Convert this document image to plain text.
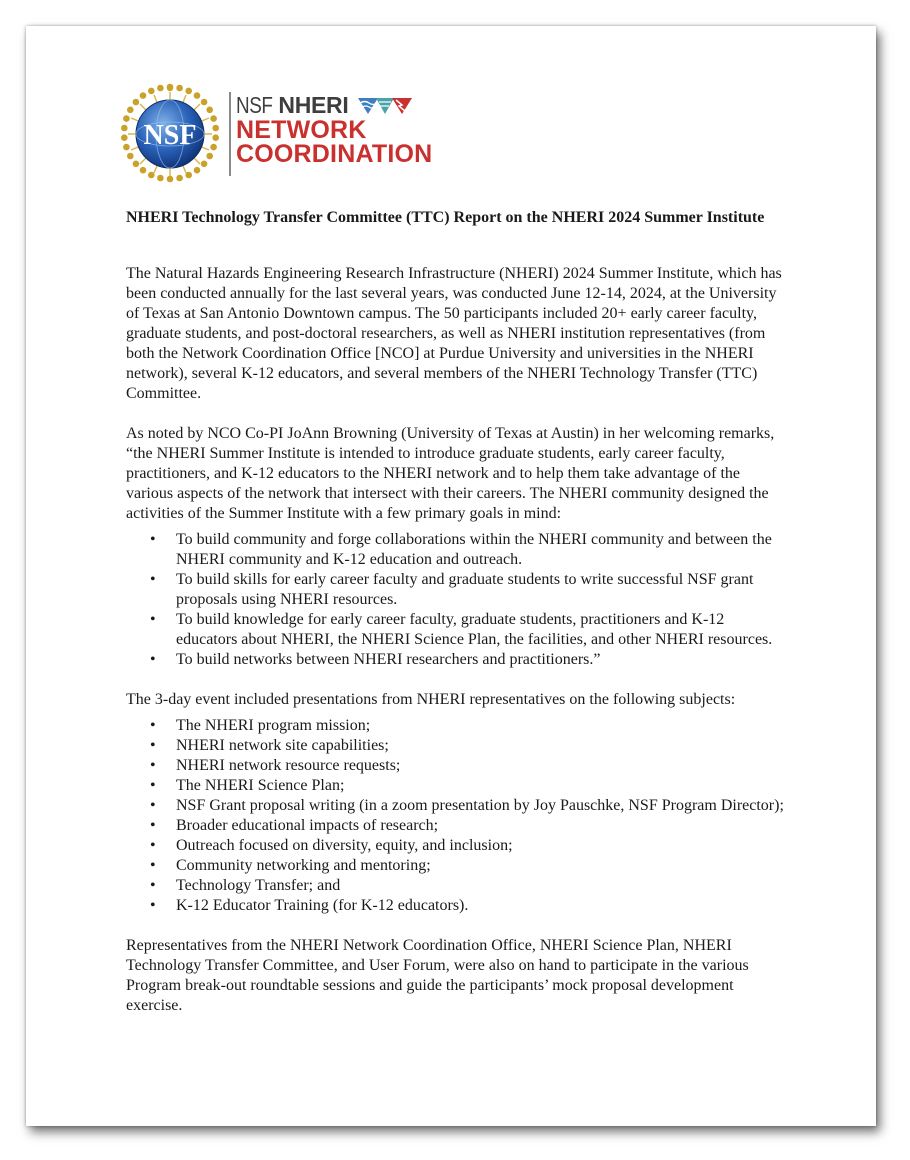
NSF
NSF NHERI
NETWORK
COORDINATION

NHERI Technology Transfer Committee (TTC) Report on the NHERI 2024 Summer Institute

The Natural Hazards Engineering Research Infrastructure (NHERI) 2024 Summer Institute, which has been conducted annually for the last several years, was conducted June 12-14, 2024, at the University of Texas at San Antonio Downtown campus. The 50 participants included 20+ early career faculty, graduate students, and post-doctoral researchers, as well as NHERI institution representatives (from both the Network Coordination Office [NCO] at Purdue University and universities in the NHERI network), several K-12 educators, and several members of the NHERI Technology Transfer (TTC) Committee.

As noted by NCO Co-PI JoAnn Browning (University of Texas at Austin) in her welcoming remarks, “the NHERI Summer Institute is intended to introduce graduate students, early career faculty, practitioners, and K-12 educators to the NHERI network and to help them take advantage of the various aspects of the network that intersect with their careers. The NHERI community designed the activities of the Summer Institute with a few primary goals in mind:

• To build community and forge collaborations within the NHERI community and between the NHERI community and K-12 education and outreach.
• To build skills for early career faculty and graduate students to write successful NSF grant proposals using NHERI resources.
• To build knowledge for early career faculty, graduate students, practitioners and K-12 educators about NHERI, the NHERI Science Plan, the facilities, and other NHERI resources.
• To build networks between NHERI researchers and practitioners.”

The 3-day event included presentations from NHERI representatives on the following subjects:

• The NHERI program mission;
• NHERI network site capabilities;
• NHERI network resource requests;
• The NHERI Science Plan;
• NSF Grant proposal writing (in a zoom presentation by Joy Pauschke, NSF Program Director);
• Broader educational impacts of research;
• Outreach focused on diversity, equity, and inclusion;
• Community networking and mentoring;
• Technology Transfer; and
• K-12 Educator Training (for K-12 educators).

Representatives from the NHERI Network Coordination Office, NHERI Science Plan, NHERI Technology Transfer Committee, and User Forum, were also on hand to participate in the various Program break-out roundtable sessions and guide the participants’ mock proposal development exercise.
